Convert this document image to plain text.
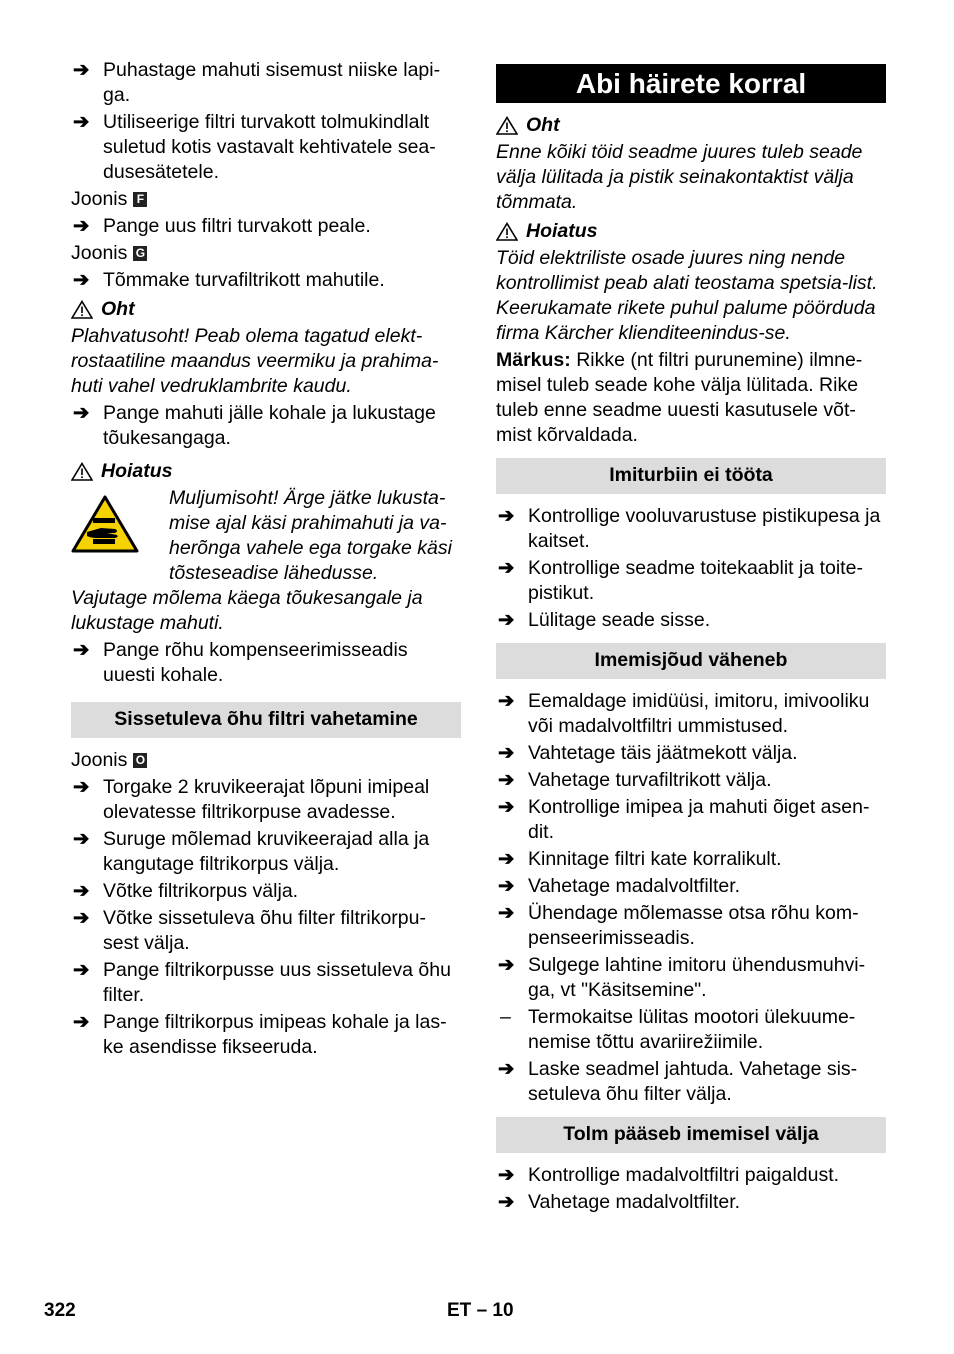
➔ Puhastage mahuti sisemust niiske lapi-ga.
➔ Utiliseerige filtri turvakott tolmukindlalt suletud kotis vastavalt kehtivatele sea-dusesätetele.
Joonis F
➔ Pange uus filtri turvakott peale.
Joonis G
➔ Tõmmake turvafiltrikott mahutile.
Oht
Plahvatusoht! Peab olema tagatud elekt-rostaatiline maandus veermiku ja prahima-huti vahel vedruklambrite kaudu.
➔ Pange mahuti jälle kohale ja lukustage tõukesangaga.
Hoiatus
Muljumisoht! Ärge jätke lukusta-mise ajal käsi prahimahuti ja va-herõnga vahele ega torgake käsi tõsteseadise lähedusse.
Vajutage mõlema käega tõukesangale ja lukustage mahuti.
➔ Pange rõhu kompenseerimisseadis uuesti kohale.
Sissetuleva õhu filtri vahetamine
Joonis O
➔ Torgake 2 kruvikeerajat lõpuni imipeal olevatesse filtrikorpuse avadesse.
➔ Suruge mõlemad kruvikeerajad alla ja kangutage filtrikorpus välja.
➔ Võtke filtrikorpus välja.
➔ Võtke sissetuleva õhu filter filtrikorpu-sest välja.
➔ Pange filtrikorpusse uus sissetuleva õhu filter.
➔ Pange filtrikorpus imipeas kohale ja las-ke asendisse fikseeruda.
Abi häirete korral
Oht
Enne kõiki töid seadme juures tuleb seade välja lülitada ja pistik seinakontaktist välja tõmmata.
Hoiatus
Töid elektriliste osade juures ning nende kontrollimist peab alati teostama spetsia-list. Keerukamate rikete puhul palume pöörduda firma Kärcher klienditeenindus-se.
Märkus: Rikke (nt filtri purunemine) ilmne-misel tuleb seade kohe välja lülitada. Rike tuleb enne seadme uuesti kasutusele võt-mist kõrvaldada.
Imiturbiin ei tööta
➔ Kontrollige vooluvarustuse pistikupesa ja kaitset.
➔ Kontrollige seadme toitekaablit ja toite-pistikut.
➔ Lülitage seade sisse.
Imemisjõud väheneb
➔ Eemaldage imidüüsi, imitoru, imivooliku või madalvoltfiltri ummistused.
➔ Vahtetage täis jäätmekott välja.
➔ Vahetage turvafiltrikott välja.
➔ Kontrollige imipea ja mahuti õiget asen-dit.
➔ Kinnitage filtri kate korralikult.
➔ Vahetage madalvoltfilter.
➔ Ühendage mõlemasse otsa rõhu kom-penseerimisseadis.
➔ Sulgege lahtine imitoru ühendusmuhvi-ga, vt "Käsitsemine".
– Termokaitse lülitas mootori ülekuume-nemise tõttu avariirežiimile.
➔ Laske seadmel jahtuda. Vahetage sis-setuleva õhu filter välja.
Tolm pääseb imemisel välja
➔ Kontrollige madalvoltfiltri paigaldust.
➔ Vahetage madalvoltfilter.
322	ET – 10
